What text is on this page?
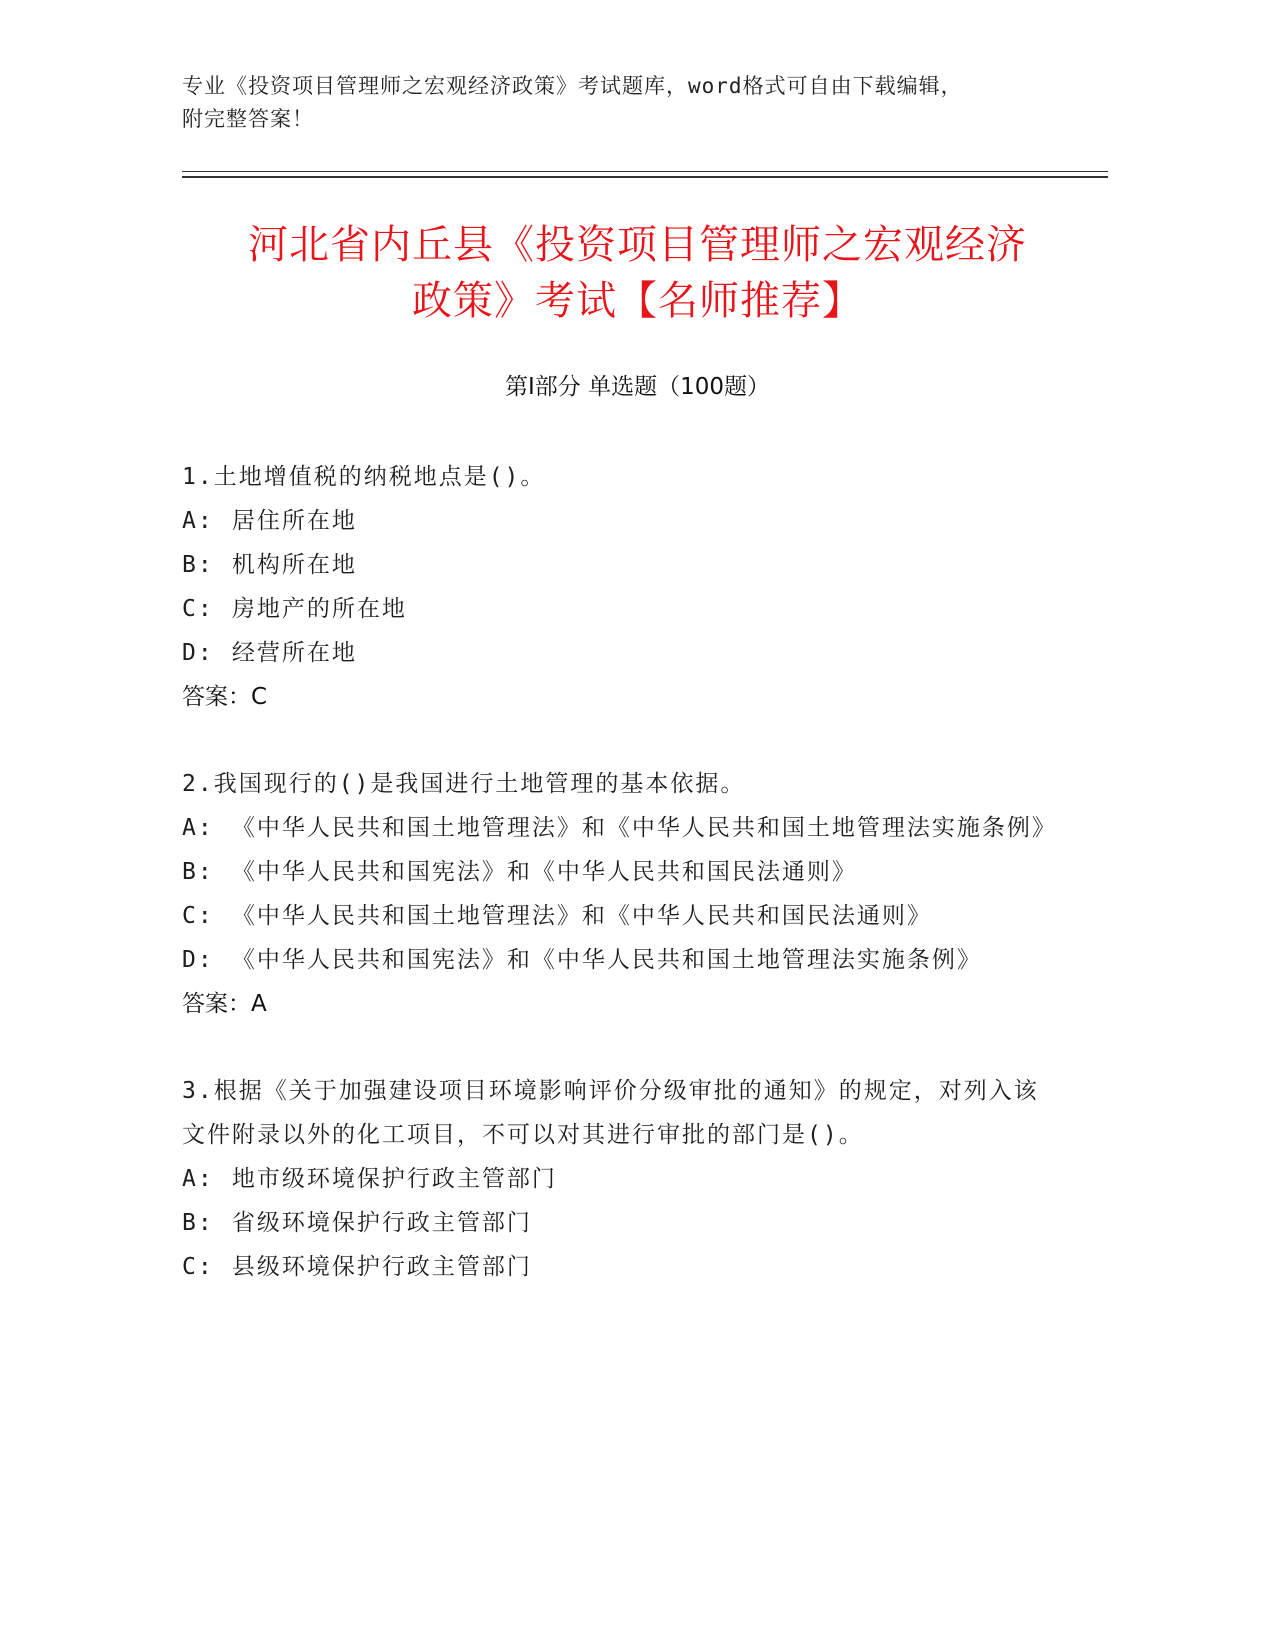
专业《投资项目管理师之宏观经济政策》考试题库，word格式可自由下载编辑，
附完整答案！
河北省内丘县《投资项目管理师之宏观经济
政策》考试【名师推荐】
第Ⅰ部分 单选题（100题）
1.土地增值税的纳税地点是()。
A : 居住所在地
B : 机构所在地
C : 房地产的所在地
D : 经营所在地
答案：C
2.我国现行的()是我国进行土地管理的基本依据。
A : 《中华人民共和国土地管理法》和《中华人民共和国土地管理法实施条例》
B : 《中华人民共和国宪法》和《中华人民共和国民法通则》
C : 《中华人民共和国土地管理法》和《中华人民共和国民法通则》
D : 《中华人民共和国宪法》和《中华人民共和国土地管理法实施条例》
答案：A
3.根据《关于加强建设项目环境影响评价分级审批的通知》的规定，对列入该文件附录以外的化工项目，不可以对其进行审批的部门是()。
A : 地市级环境保护行政主管部门
B : 省级环境保护行政主管部门
C : 县级环境保护行政主管部门
